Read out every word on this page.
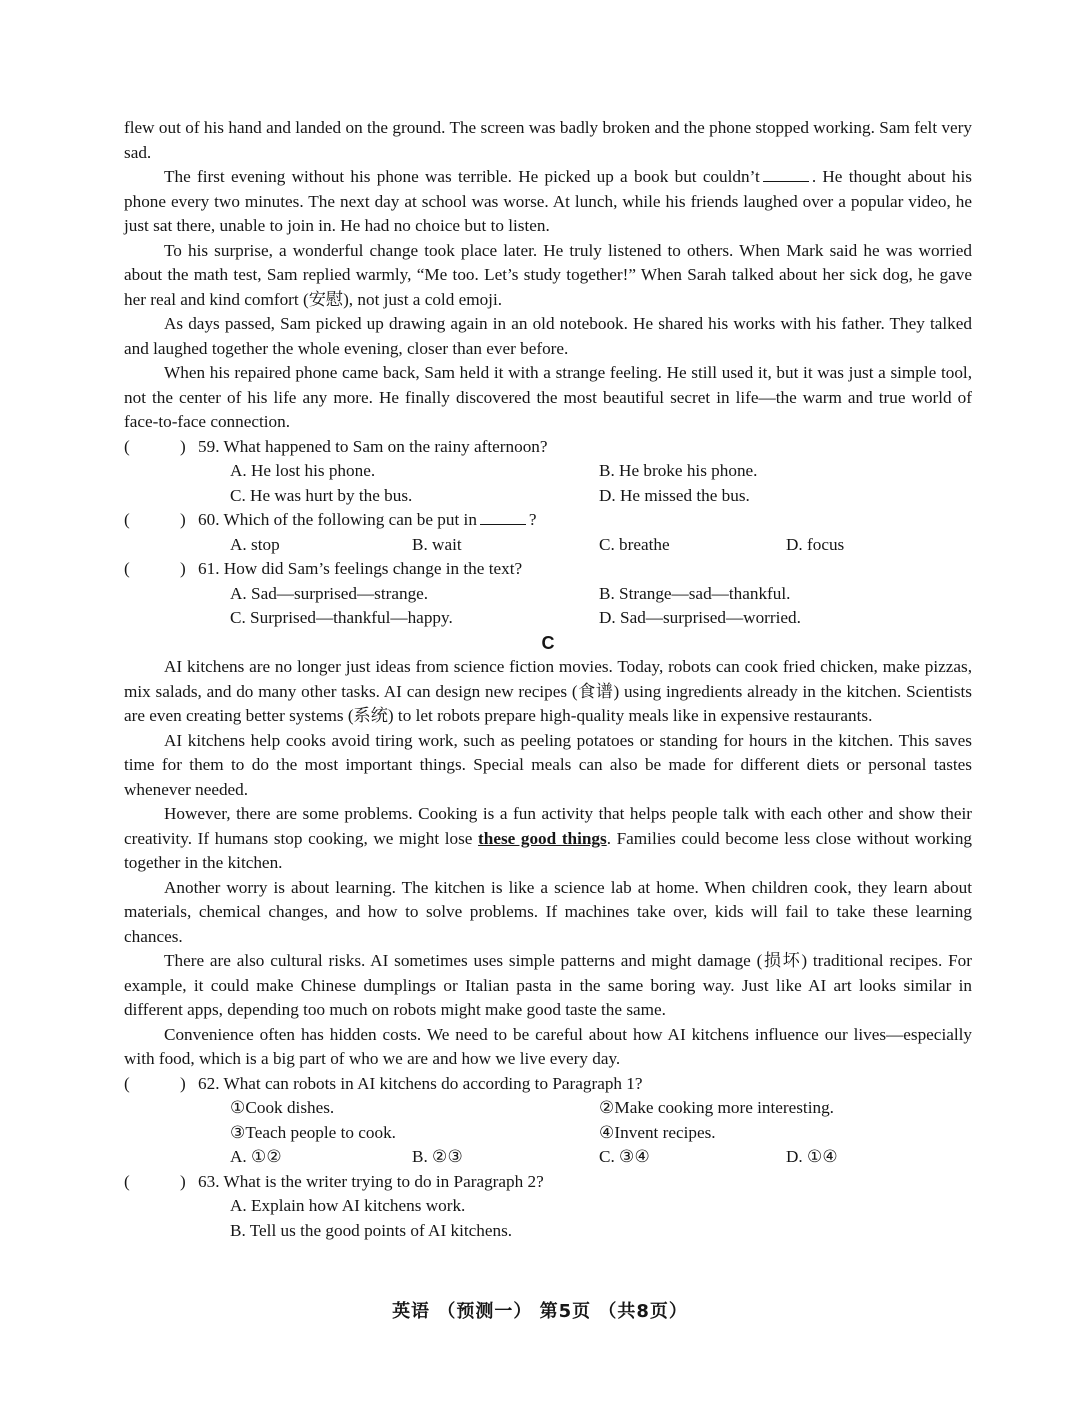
flew out of his hand and landed on the ground. The screen was badly broken and the phone stopped working. Sam felt very sad.

The first evening without his phone was terrible. He picked up a book but couldn’t	. He thought about his phone every two minutes. The next day at school was worse. At lunch, while his friends laughed over a popular video, he just sat there, unable to join in. He had no choice but to listen.

To his surprise, a wonderful change took place later. He truly listened to others. When Mark said he was worried about the math test, Sam replied warmly, “Me too. Let’s study together!” When Sarah talked about her sick dog, he gave her real and kind comfort (安慰), not just a cold emoji.

As days passed, Sam picked up drawing again in an old notebook. He shared his works with his father. They talked and laughed together the whole evening, closer than ever before.

When his repaired phone came back, Sam held it with a strange feeling. He still used it, but it was just a simple tool, not the center of his life any more. He finally discovered the most beautiful secret in life—the warm and true world of face-to-face connection.

(	) 59. What happened to Sam on the rainy afternoon?
A. He lost his phone.	B. He broke his phone.
C. He was hurt by the bus.	D. He missed the bus.
(	) 60. Which of the following can be put in	?
A. stop	B. wait	C. breathe	D. focus
(	) 61. How did Sam’s feelings change in the text?
A. Sad—surprised—strange.	B. Strange—sad—thankful.
C. Surprised—thankful—happy.	D. Sad—surprised—worried.
C

AI kitchens are no longer just ideas from science fiction movies. Today, robots can cook fried chicken, make pizzas, mix salads, and do many other tasks. AI can design new recipes (食谱) using ingredients already in the kitchen. Scientists are even creating better systems (系统) to let robots prepare high-quality meals like in expensive restaurants.

AI kitchens help cooks avoid tiring work, such as peeling potatoes or standing for hours in the kitchen. This saves time for them to do the most important things. Special meals can also be made for different diets or personal tastes whenever needed.

However, there are some problems. Cooking is a fun activity that helps people talk with each other and show their creativity. If humans stop cooking, we might lose these good things. Families could become less close without working together in the kitchen.

Another worry is about learning. The kitchen is like a science lab at home. When children cook, they learn about materials, chemical changes, and how to solve problems. If machines take over, kids will fail to take these learning chances.

There are also cultural risks. AI sometimes uses simple patterns and might damage (损坏) traditional recipes. For example, it could make Chinese dumplings or Italian pasta in the same boring way. Just like AI art looks similar in different apps, depending too much on robots might make good taste the same.

Convenience often has hidden costs. We need to be careful about how AI kitchens influence our lives—especially with food, which is a big part of who we are and how we live every day.

(	) 62. What can robots in AI kitchens do according to Paragraph 1?
①Cook dishes.	②Make cooking more interesting.
③Teach people to cook.	④Invent recipes.
A. ①②	B. ②③	C. ③④	D. ①④
(	) 63. What is the writer trying to do in Paragraph 2?
A. Explain how AI kitchens work.
B. Tell us the good points of AI kitchens.
英语 （预测一） 第5页 （共8页）
